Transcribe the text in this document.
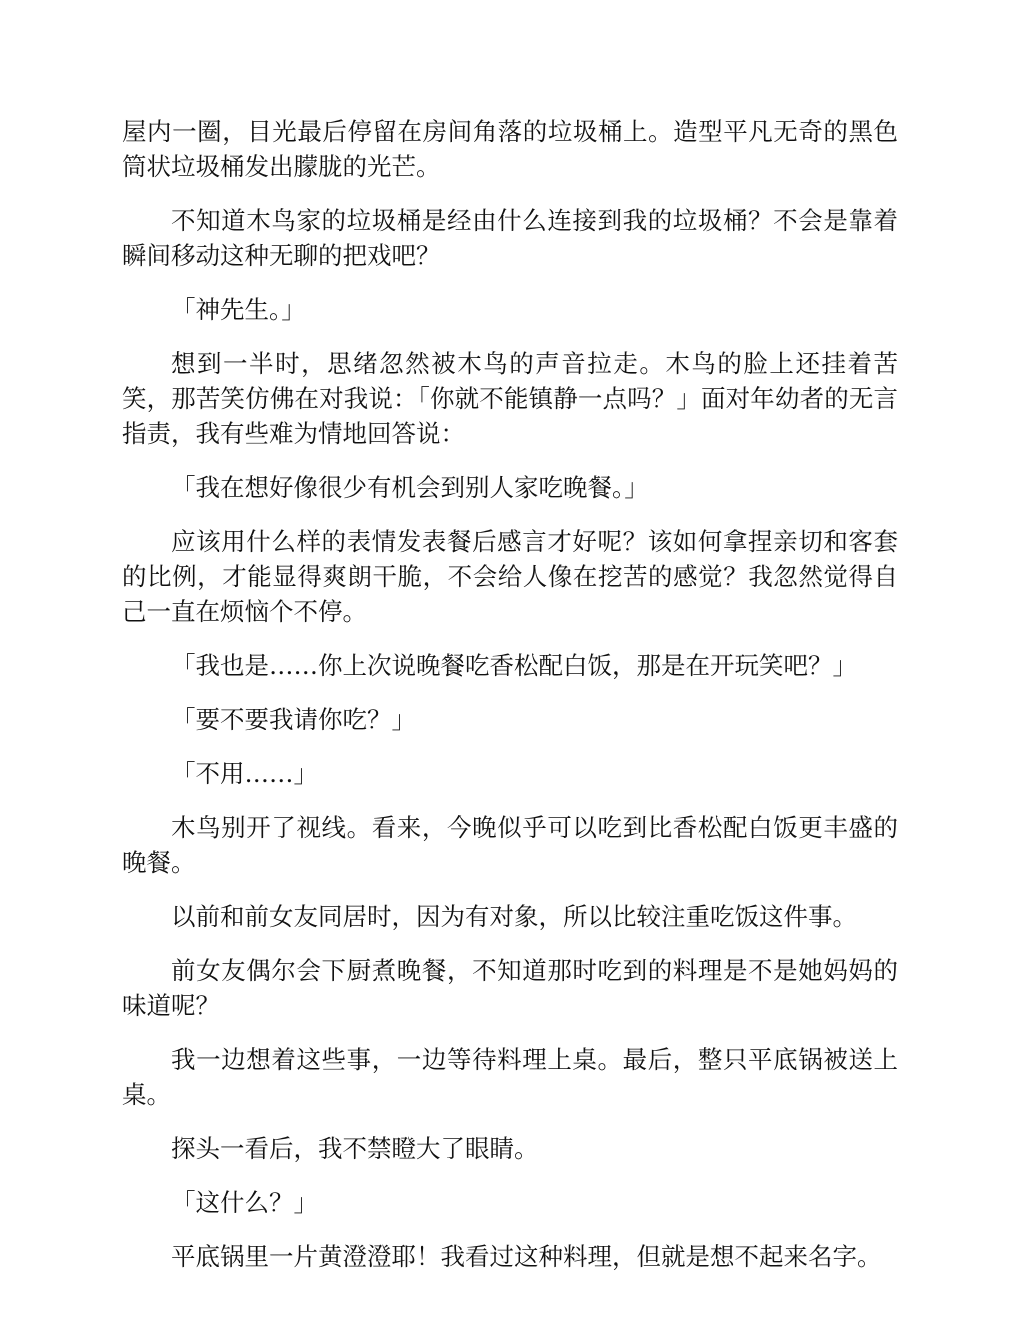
屋内一圈，目光最后停留在房间角落的垃圾桶上。造型平凡无奇的黑色筒状垃圾桶发出朦胧的光芒。

不知道木鸟家的垃圾桶是经由什么连接到我的垃圾桶？不会是靠着瞬间移动这种无聊的把戏吧？

「神先生。」

想到一半时，思绪忽然被木鸟的声音拉走。木鸟的脸上还挂着苦笑，那苦笑仿佛在对我说：「你就不能镇静一点吗？」面对年幼者的无言指责，我有些难为情地回答说：

「我在想好像很少有机会到别人家吃晚餐。」

应该用什么样的表情发表餐后感言才好呢？该如何拿捏亲切和客套的比例，才能显得爽朗干脆，不会给人像在挖苦的感觉？我忽然觉得自己一直在烦恼个不停。

「我也是……你上次说晚餐吃香松配白饭，那是在开玩笑吧？」

「要不要我请你吃？」

「不用……」

木鸟别开了视线。看来，今晚似乎可以吃到比香松配白饭更丰盛的晚餐。

以前和前女友同居时，因为有对象，所以比较注重吃饭这件事。

前女友偶尔会下厨煮晚餐，不知道那时吃到的料理是不是她妈妈的味道呢？

我一边想着这些事，一边等待料理上桌。最后，整只平底锅被送上桌。

探头一看后，我不禁瞪大了眼睛。

「这什么？」

平底锅里一片黄澄澄耶！我看过这种料理，但就是想不起来名字。
